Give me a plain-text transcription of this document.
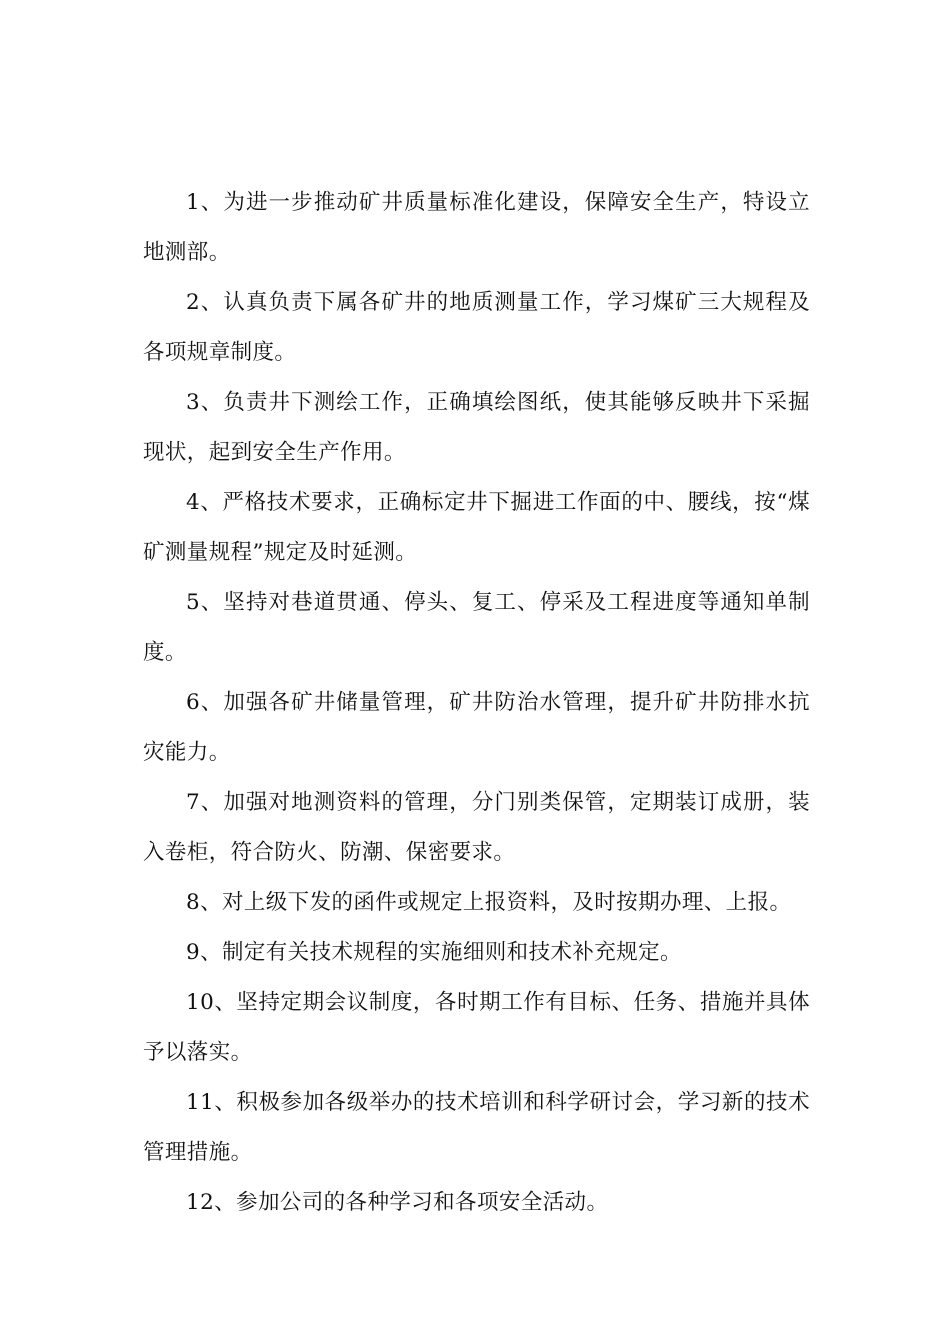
1、为进一步推动矿井质量标准化建设，保障安全生产，特设立地测部。

2、认真负责下属各矿井的地质测量工作，学习煤矿三大规程及各项规章制度。

3、负责井下测绘工作，正确填绘图纸，使其能够反映井下采掘现状，起到安全生产作用。

4、严格技术要求，正确标定井下掘进工作面的中、腰线，按“煤矿测量规程”规定及时延测。

5、坚持对巷道贯通、停头、复工、停采及工程进度等通知单制度。

6、加强各矿井储量管理，矿井防治水管理，提升矿井防排水抗灾能力。

7、加强对地测资料的管理，分门别类保管，定期装订成册，装入卷柜，符合防火、防潮、保密要求。

8、对上级下发的函件或规定上报资料，及时按期办理、上报。

9、制定有关技术规程的实施细则和技术补充规定。

10、坚持定期会议制度，各时期工作有目标、任务、措施并具体予以落实。

11、积极参加各级举办的技术培训和科学研讨会，学习新的技术管理措施。

12、参加公司的各种学习和各项安全活动。
